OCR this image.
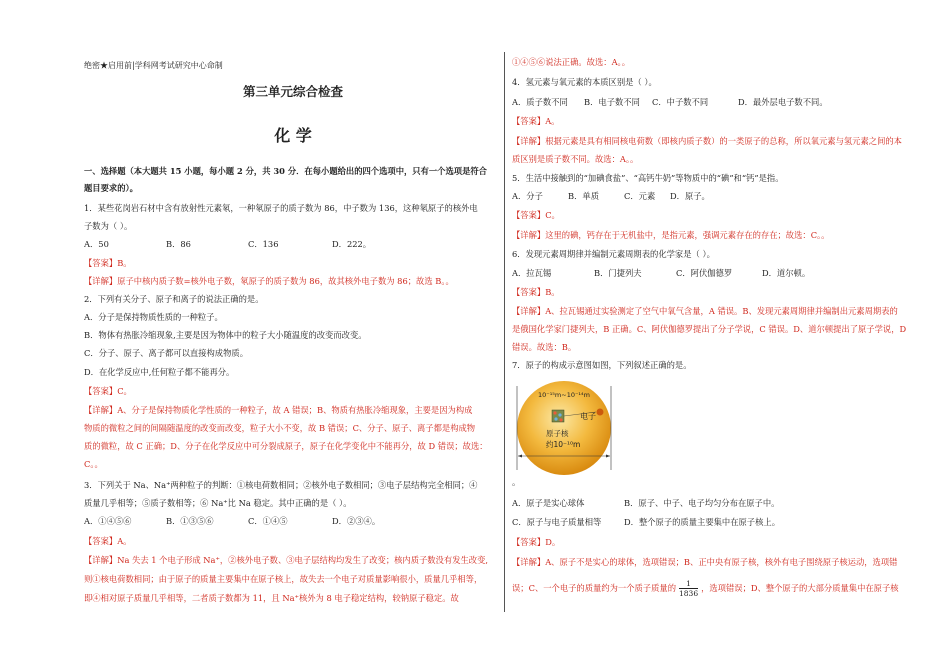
绝密★启用前|学科网考试研究中心命制
第三单元综合检查
化 学
一、选择题（本大题共 15 小题，每小题 2 分，共 30 分．在每小题给出的四个选项中，只有一个选项是符合
题目要求的）。
1．某些花岗岩石材中含有放射性元素氡，一种氡原子的质子数为 86，中子数为 136，这种氡原子的核外电
子数为（ ）。
A．50	B．86	C．136	D．222。
【答案】B。
【详解】原子中核内质子数=核外电子数，氡原子的质子数为 86，故其核外电子数为 86；故选 B。。
2．下列有关分子、原子和离子的说法正确的是。
A．分子是保持物质性质的一种粒子。
B．物体有热胀冷缩现象,主要是因为物体中的粒子大小随温度的改变而改变。
C．分子、原子、离子都可以直接构成物质。
D．在化学反应中,任何粒子都不能再分。
【答案】C。
【详解】A、分子是保持物质化学性质的一种粒子，故 A 错误；B、物质有热胀冷缩现象，主要是因为构成
物质的微粒之间的间隔随温度的改变而改变，粒子大小不变，故 B 错误；C、分子、原子、离子都是构成物
质的微粒，故 C 正确；D、分子在化学反应中可分裂成原子，原子在化学变化中不能再分，故 D 错误；故选：
C。。
3．下列关于 Na、Na⁺两种粒子的判断：①核电荷数相同；②核外电子数相同；③电子层结构完全相同；④
质量几乎相等；⑤质子数相等；⑥ Na⁺比 Na 稳定。其中正确的是（ ）。
A．①④⑤⑥	B．①③⑤⑥	C．①④⑤	D．②③④。
【答案】A。
【详解】Na 失去 1 个电子形成 Na⁺，②核外电子数、③电子层结构均发生了改变；核内质子数没有发生改变,
则①核电荷数相同；由于原子的质量主要集中在原子核上，故失去一个电子对质量影响很小，质量几乎相等，
即④相对原子质量几乎相等，二者质子数都为 11，且 Na⁺核外为 8 电子稳定结构，较钠原子稳定。故
①④⑤⑥说法正确。故选：A。。
4．氢元素与氧元素的本质区别是（ ）。
A．质子数不同	B．电子数不同	C．中子数不同	D．最外层电子数不同。
【答案】A。
【详解】根据元素是具有相同核电荷数（即核内质子数）的一类原子的总称，所以氧元素与氢元素之间的本
质区别是质子数不同。故选：A。。
5．生活中接触到的“加碘食盐”、“高钙牛奶”等物质中的“碘”和“钙”是指。
A．分子	B．单质	C．元素	D．原子。
【答案】C。
【详解】这里的碘，钙存在于无机盐中，是指元素，强调元素存在的存在；故选：C。。
6．发现元素周期律并编制元素周期表的化学家是（ ）。
A．拉瓦锡	B．门捷列夫	C．阿伏伽德罗	D．道尔顿。
【答案】B。
【详解】A、拉瓦锡通过实验测定了空气中氧气含量，A 错误。B、发现元素周期律并编制出元素周期表的
是俄国化学家门捷列夫，B 正确。C、阿伏伽德罗提出了分子学说，C 错误。D、道尔顿提出了原子学说，D
错误。故选：B。
7．原子的构成示意图如图，下列叙述正确的是。
10⁻¹⁵m~10⁻¹⁴m
电子
原子核
约10⁻¹⁰m
。
A．原子是实心球体	B．原子、中子、电子均匀分布在原子中。
C．原子与电子质量相等	D．整个原子的质量主要集中在原子核上。
【答案】D。
【详解】A、原子不是实心的球体，选项错误；B、正中央有原子核，核外有电子围绕原子核运动，选项错
误；C、一个电子的质量约为一个质子质量的 $\frac{1}{1836}$ ，选项错误；D、整个原子的大部分质量集中在原子核
